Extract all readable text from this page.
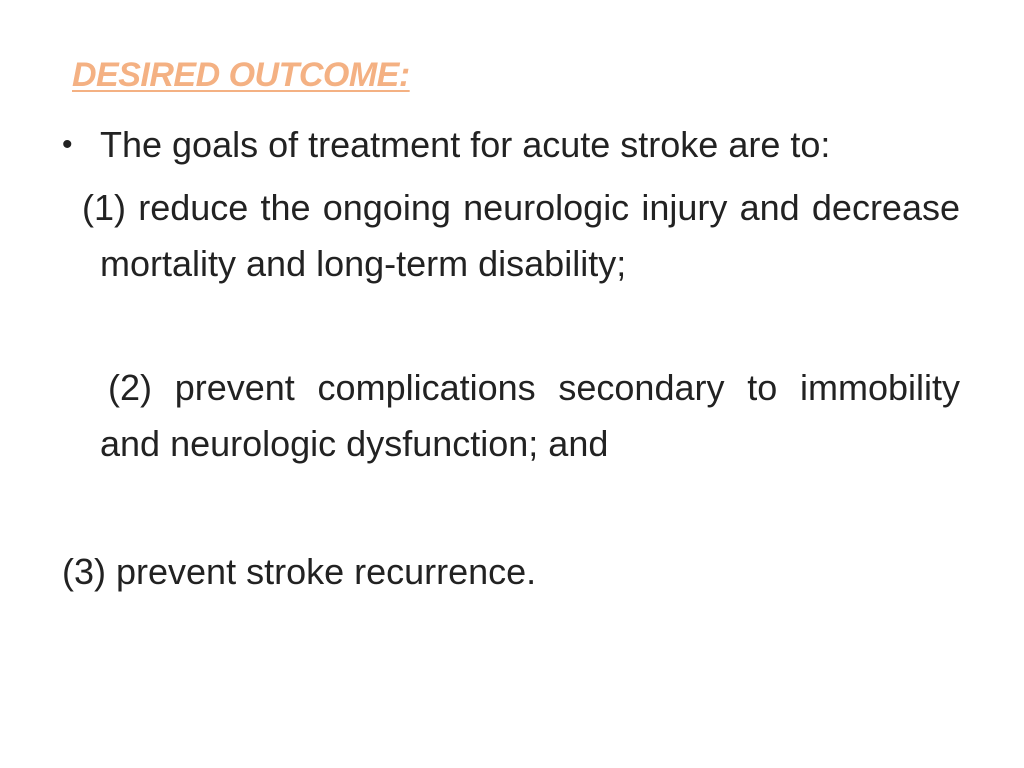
DESIRED OUTCOME:
• The goals of treatment for acute stroke are to:
(1) reduce the ongoing neurologic injury and decrease mortality and long-term disability;
(2) prevent complications secondary to immobility and neurologic dysfunction; and
(3) prevent stroke recurrence.
